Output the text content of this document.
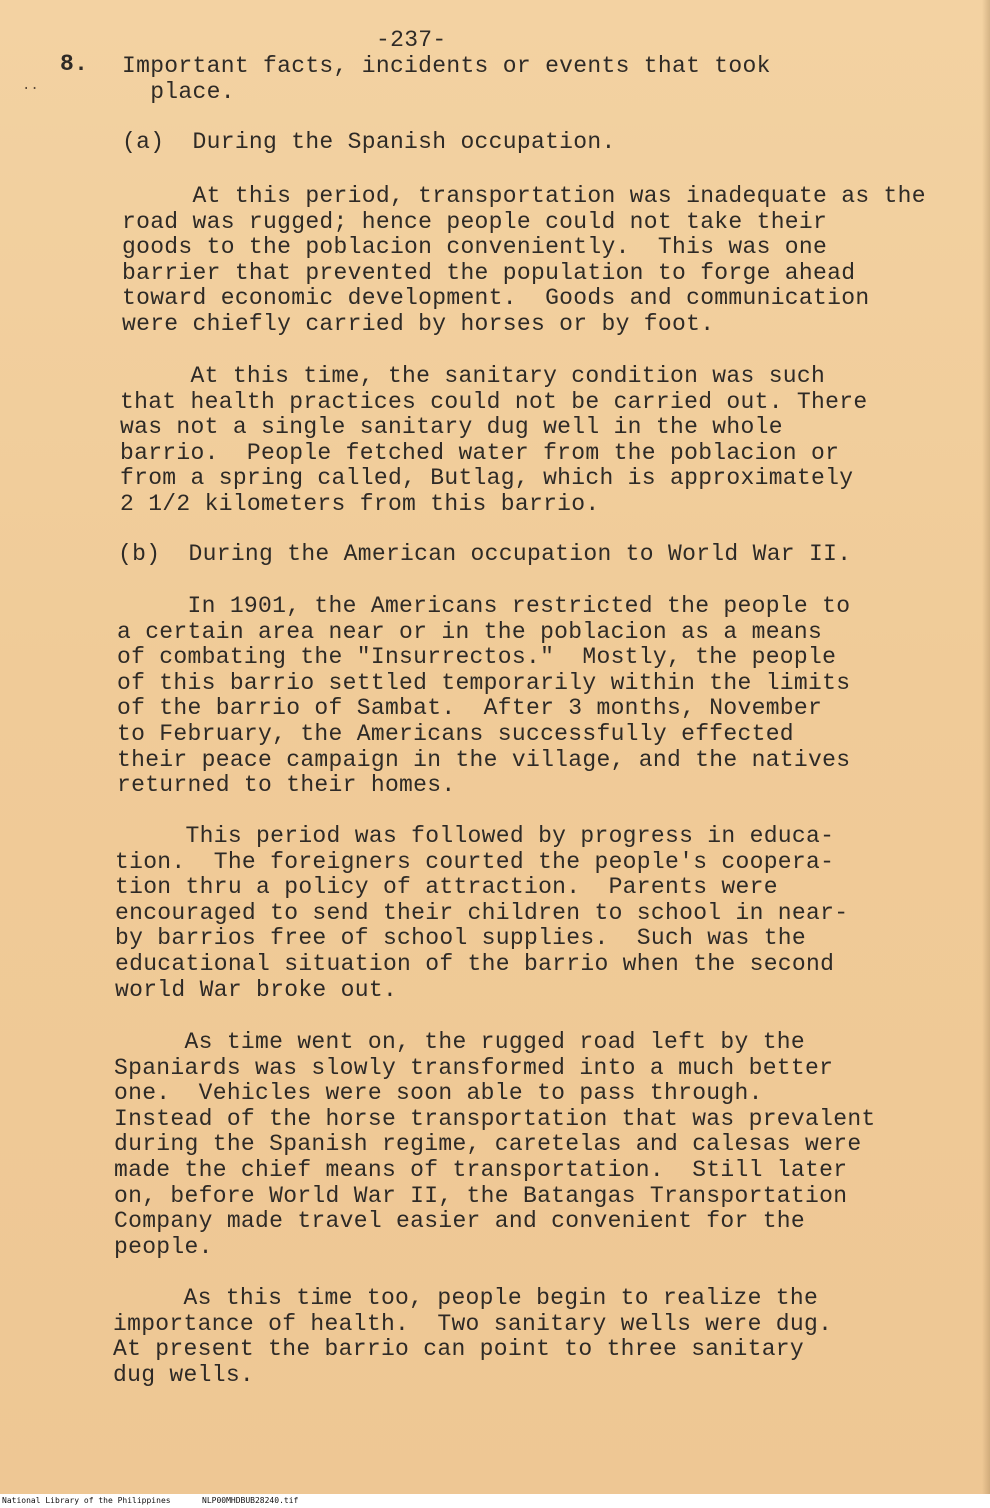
-237-

..

8. Important facts, incidents or events that took
place.

(a)  During the Spanish occupation.

At this period, transportation was inadequate as the
road was rugged; hence people could not take their
goods to the poblacion conveniently.  This was one
barrier that prevented the population to forge ahead
toward economic development.  Goods and communication
were chiefly carried by horses or by foot.

At this time, the sanitary condition was such
that health practices could not be carried out. There
was not a single sanitary dug well in the whole
barrio.  People fetched water from the poblacion or
from a spring called, Butlag, which is approximately
2 1/2 kilometers from this barrio.

(b)  During the American occupation to World War II.

In 1901, the Americans restricted the people to
a certain area near or in the poblacion as a means
of combating the "Insurrectos."  Mostly, the people
of this barrio settled temporarily within the limits
of the barrio of Sambat.  After 3 months, November
to February, the Americans successfully effected
their peace campaign in the village, and the natives
returned to their homes.

This period was followed by progress in educa-
tion.  The foreigners courted the people's coopera-
tion thru a policy of attraction.  Parents were
encouraged to send their children to school in near-
by barrios free of school supplies.  Such was the
educational situation of the barrio when the second
world War broke out.

As time went on, the rugged road left by the
Spaniards was slowly transformed into a much better
one.  Vehicles were soon able to pass through.
Instead of the horse transportation that was prevalent
during the Spanish regime, caretelas and calesas were
made the chief means of transportation.  Still later
on, before World War II, the Batangas Transportation
Company made travel easier and convenient for the
people.

As this time too, people begin to realize the
importance of health.  Two sanitary wells were dug.
At present the barrio can point to three sanitary
dug wells.

National Library of the Philippines	NLP00MHDBUB28240.tif
